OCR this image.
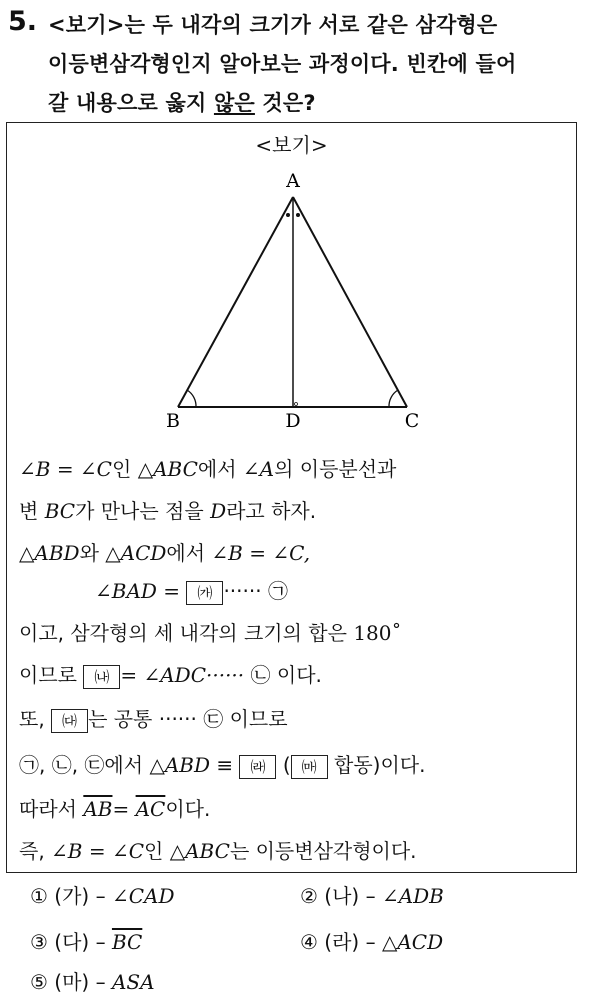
5. <보기>는 두 내각의 크기가 서로 같은 삼각형은
이등변삼각형인지 알아보는 과정이다. 빈칸에 들어
갈 내용으로 옳지 않은 것은?
<보기>
A
B	C
D
∠B = ∠C인 △ABC에서 ∠A의 이등분선과
변 BC가 만나는 점을 D라고 하자.
△ABD와 △ACD에서 ∠B = ∠C,
∠BAD = ㈎ ······ ㉠
이고, 삼각형의 세 내각의 크기의 합은 180˚
이므로 ㈏ = ∠ADC······ ㉡ 이다.
또, ㈐ 는 공통 ······ ㉢ 이므로
㉠, ㉡, ㉢에서 △ABD ≡ ㈑ ( ㈒ 합동)이다.
따라서 $\overline{AB}= \overline{AC}$이다.
즉, ∠B = ∠C인 △ABC는 이등변삼각형이다.
① (가) – ∠CAD	② (나) – ∠ADB
③ (다) – $\overline{BC}$	④ (라) – △ACD
⑤ (마) – ASA
